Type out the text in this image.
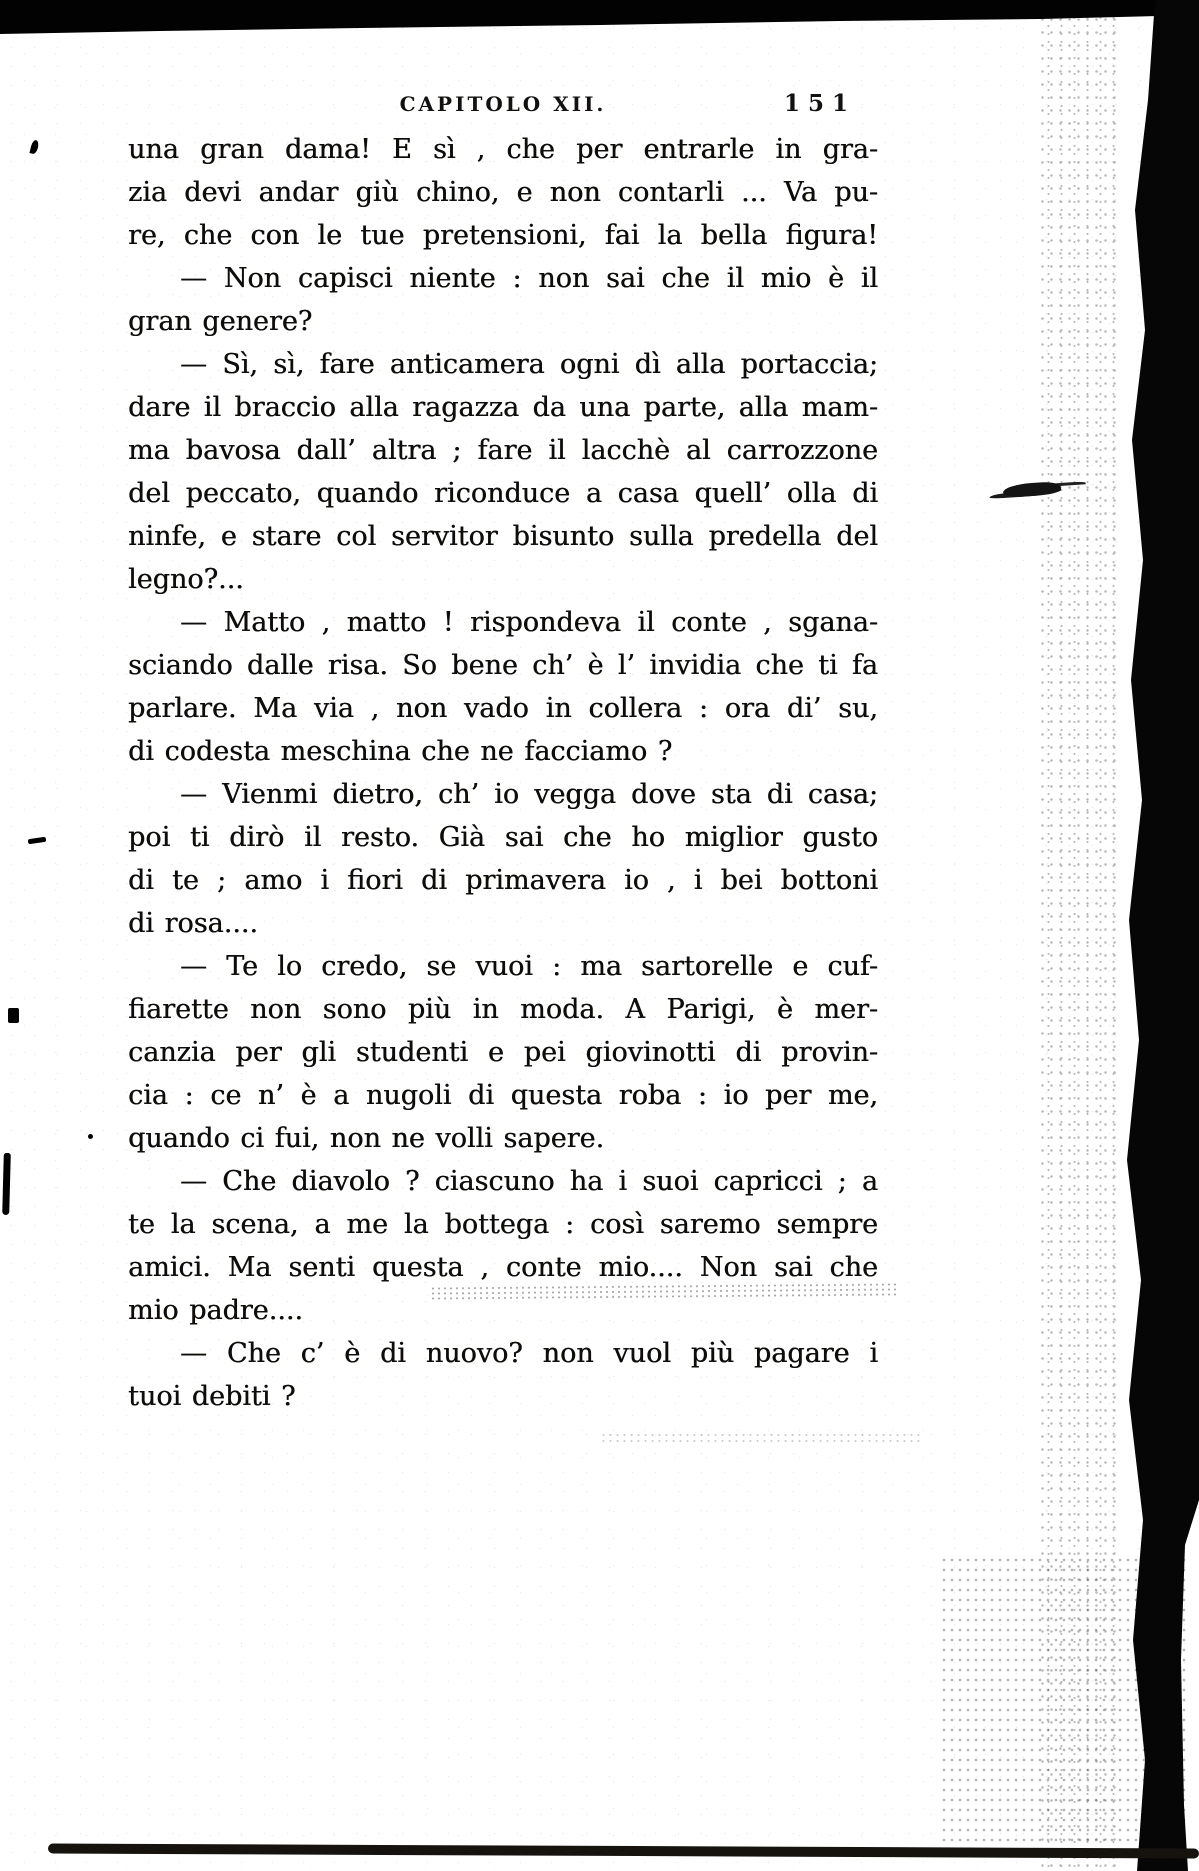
CAPITOLO XII.	151
una gran dama! E sì , che per entrarle in gra-
zia devi andar giù chino, e non contarli ... Va pu-
re, che con le tue pretensioni, fai la bella figura!
— Non capisci niente : non sai che il mio è il
gran genere?
— Sì, sì, fare anticamera ogni dì alla portaccia;
dare il braccio alla ragazza da una parte, alla mam-
ma bavosa dall’ altra ; fare il lacchè al carrozzone
del peccato, quando riconduce a casa quell’ olla di
ninfe, e stare col servitor bisunto sulla predella del
legno?...
— Matto , matto ! rispondeva il conte , sgana-
sciando dalle risa. So bene ch’ è l’ invidia che ti fa
parlare. Ma via , non vado in collera : ora di’ su,
di codesta meschina che ne facciamo ?
— Vienmi dietro, ch’ io vegga dove sta di casa;
poi ti dirò il resto. Già sai che ho miglior gusto
di te ; amo i fiori di primavera io , i bei bottoni
di rosa....
— Te lo credo, se vuoi : ma sartorelle e cuf-
fiarette non sono più in moda. A Parigi, è mer-
canzia per gli studenti e pei giovinotti di provin-
cia : ce n’ è a nugoli di questa roba : io per me,
quando ci fui, non ne volli sapere.
— Che diavolo ? ciascuno ha i suoi capricci ; a
te la scena, a me la bottega : così saremo sempre
amici. Ma senti questa , conte mio.... Non sai che
mio padre....
— Che c’ è di nuovo? non vuol più pagare i
tuoi debiti ?
